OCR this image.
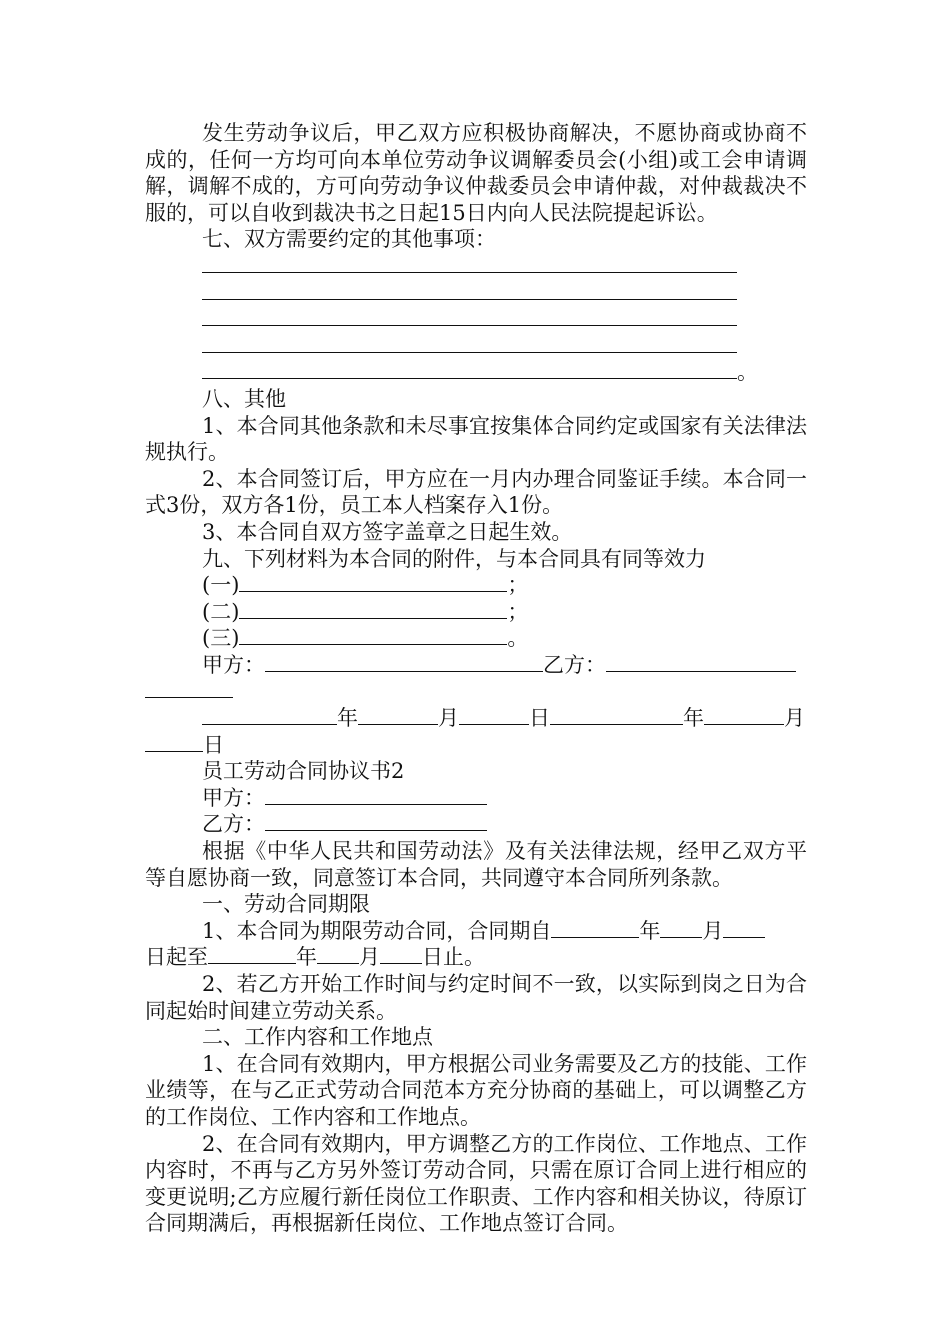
发生劳动争议后，甲乙双方应积极协商解决，不愿协商或协商不成的，任何一方均可向本单位劳动争议调解委员会(小组)或工会申请调解，调解不成的，方可向劳动争议仲裁委员会申请仲裁，对仲裁裁决不服的，可以自收到裁决书之日起15日内向人民法院提起诉讼。

七、双方需要约定的其他事项：

。

八、其他

1、本合同其他条款和未尽事宜按集体合同约定或国家有关法律法规执行。

2、本合同签订后，甲方应在一月内办理合同鉴证手续。本合同一式3份，双方各1份，员工本人档案存入1份。

3、本合同自双方签字盖章之日起生效。

九、下列材料为本合同的附件，与本合同具有同等效力

(一)	；
(二)	；
(三)	。
甲方：	乙方：
年	月	日	年	月
日

员工劳动合同协议书2

甲方：
乙方：

根据《中华人民共和国劳动法》及有关法律法规，经甲乙双方平等自愿协商一致，同意签订本合同，共同遵守本合同所列条款。

一、劳动合同期限

1、本合同为期限劳动合同，合同期自	年 月
日起至	年 月 日止。

2、若乙方开始工作时间与约定时间不一致，以实际到岗之日为合同起始时间建立劳动关系。

二、工作内容和工作地点

1、在合同有效期内，甲方根据公司业务需要及乙方的技能、工作业绩等，在与乙正式劳动合同范本方充分协商的基础上，可以调整乙方的工作岗位、工作内容和工作地点。

2、在合同有效期内，甲方调整乙方的工作岗位、工作地点、工作内容时，不再与乙方另外签订劳动合同，只需在原订合同上进行相应的变更说明;乙方应履行新任岗位工作职责、工作内容和相关协议，待原订合同期满后，再根据新任岗位、工作地点签订合同。
